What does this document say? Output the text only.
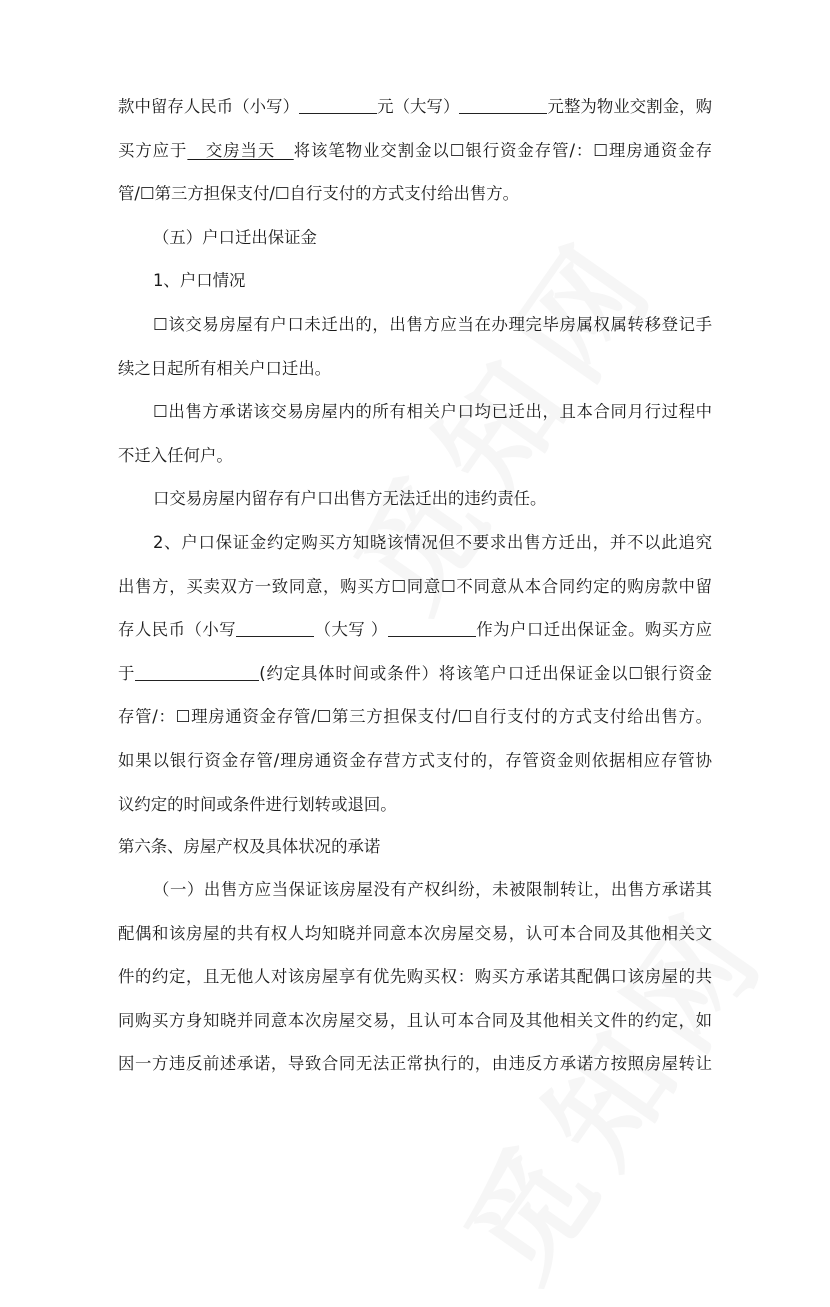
款中留存人民币（小写）	元（大写）	元整为物业交割金，购
买方应于   交房当天   将该笔物业交割金以☐银行资金存管/：☐理房通资金存
管/☐第三方担保支付/☐自行支付的方式支付给出售方。
（五）户口迁出保证金
1、户口情况
☐该交易房屋有户口未迁出的，出售方应当在办理完毕房属权属转移登记手
续之日起所有相关户口迁出。
☐出售方承诺该交易房屋内的所有相关户口均已迁出，且本合同月行过程中
不迁入任何户。
口交易房屋内留存有户口出售方无法迁出的违约责任。
2、户口保证金约定购买方知晓该情况但不要求出售方迁出，并不以此追究
出售方，买卖双方一致同意，购买方☐同意☐不同意从本合同约定的购房款中留
存人民币（小写	（大写 ）	作为户口迁出保证金。购买方应
于	(约定具体时间或条件）将该笔户口迁出保证金以☐银行资金
存管/：☐理房通资金存管/☐第三方担保支付/☐自行支付的方式支付给出售方。
如果以银行资金存管/理房通资金存营方式支付的，存管资金则依据相应存管协
议约定的时间或条件进行划转或退回。
第六条、房屋产权及具体状况的承诺
（一）出售方应当保证该房屋没有产权纠纷，未被限制转让，出售方承诺其
配偶和该房屋的共有权人均知晓并同意本次房屋交易，认可本合同及其他相关文
件的约定，且无他人对该房屋享有优先购买权：购买方承诺其配偶口该房屋的共
同购买方身知晓并同意本次房屋交易，且认可本合同及其他相关文件的约定，如
因一方违反前述承诺，导致合同无法正常执行的，由违反方承诺方按照房屋转让
